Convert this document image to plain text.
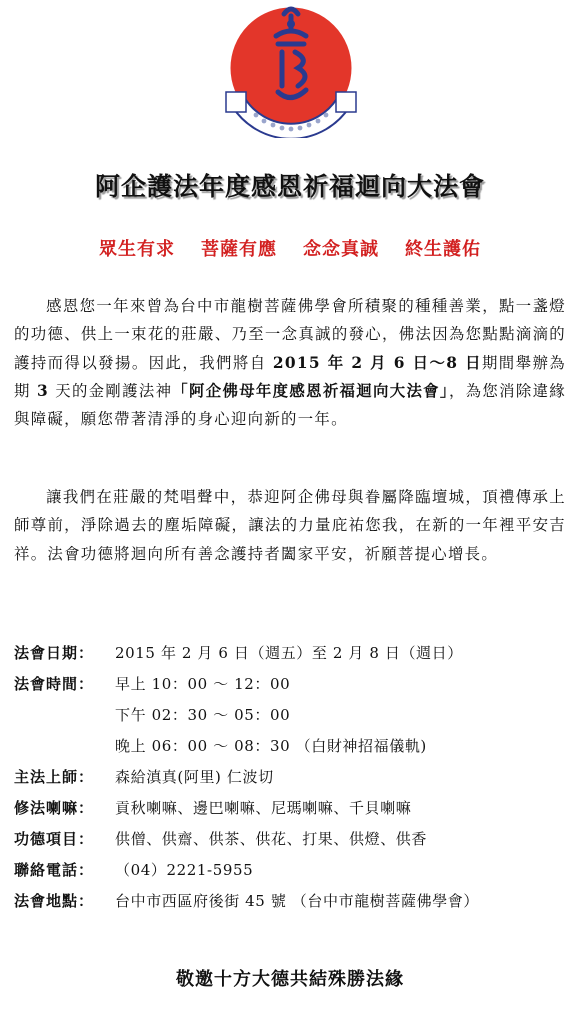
阿企護法年度感恩祈福迴向大法會
眾生有求 菩薩有應 念念真誠 終生護佑
感恩您一年來曾為台中市龍樹菩薩佛學會所積聚的種種善業，點一盞燈的功德、供上一束花的莊嚴、乃至一念真誠的發心，佛法因為您點點滴滴的護持而得以發揚。因此，我們將自 2015 年 2 月 6 日～8 日期間舉辦為期 3 天的金剛護法神「阿企佛母年度感恩祈福迴向大法會」，為您消除違緣與障礙，願您帶著清淨的身心迎向新的一年。
讓我們在莊嚴的梵唱聲中，恭迎阿企佛母與眷屬降臨壇城，頂禮傳承上師尊前，淨除過去的塵垢障礙，讓法的力量庇祐您我，在新的一年裡平安吉祥。法會功德將迴向所有善念護持者闔家平安，祈願菩提心增長。
法會日期：	2015 年 2 月 6 日（週五）至 2 月 8 日（週日）
法會時間：	早上 10：00 ～ 12：00
下午 02：30 ～ 05：00
晚上 06：00 ～ 08：30 （白財神招福儀軌)
主法上師：	森給滇真(阿里) 仁波切
修法喇嘛：	貢秋喇嘛、邊巴喇嘛、尼瑪喇嘛、千貝喇嘛
功德項目：	供僧、供齋、供茶、供花、打果、供燈、供香
聯絡電話：	（04）2221-5955
法會地點：	台中市西區府後街 45 號 （台中市龍樹菩薩佛學會）
敬邀十方大德共結殊勝法緣
